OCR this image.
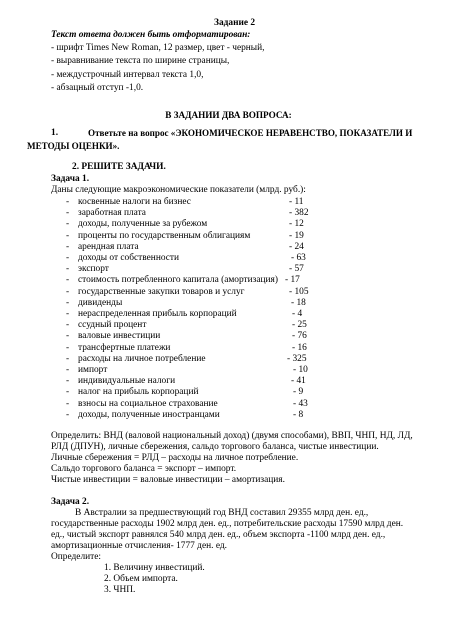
Задание 2
Текст ответа должен быть отформатирован:
- шрифт Times New Roman, 12 размер, цвет - черный,
- выравнивание текста по ширине страницы,
- междустрочный интервал текста 1,0,
- абзацный отступ -1,0.
В ЗАДАНИИ ДВА ВОПРОСА:
1.	Ответьте на вопрос «ЭКОНОМИЧЕСКОЕ НЕРАВЕНСТВО, ПОКАЗАТЕЛИ И
МЕТОДЫ ОЦЕНКИ».
2. РЕШИТЕ ЗАДАЧИ.
Задача 1.
Даны следующие макроэкономические показатели (млрд. руб.):
- косвенные налоги на бизнес	- 11
- заработная плата	- 382
- доходы, полученные за рубежом	- 12
- проценты по государственным облигациям	- 19
- арендная плата	- 24
- доходы от собственности	- 63
- экспорт	- 57
- стоимость потребленного капитала (амортизация) - 17
- государственные закупки товаров и услуг	- 105
- дивиденды	- 18
- нераспределенная прибыль корпораций	- 4
- ссудный процент	- 25
- валовые инвестиции	- 76
- трансфертные платежи	- 16
- расходы на личное потребление	- 325
- импорт	- 10
- индивидуальные налоги	- 41
- налог на прибыль корпораций	- 9
- взносы на социальное страхование	- 43
- доходы, полученные иностранцами	- 8
Определить: ВНД (валовой национальный доход) (двумя способами), ВВП, ЧНП, НД, ЛД,
РЛД (ДПУН), личные сбережения, сальдо торгового баланса, чистые инвестиции.
Личные сбережения = РЛД – расходы на личное потребление.
Сальдо торгового баланса = экспорт – импорт.
Чистые инвестиции = валовые инвестиции – амортизация.
Задача 2.
В Австралии за предшествующий год ВНД составил 29355 млрд ден. ед.,
государственные расходы 1902 млрд ден. ед., потребительские расходы 17590 млрд ден.
ед., чистый экспорт равнялся 540 млрд ден. ед., объем экспорта -1100 млрд ден. ед.,
амортизационные отчисления- 1777 ден. ед.
Определите:
1. Величину инвестиций.
2. Объем импорта.
3. ЧНП.
